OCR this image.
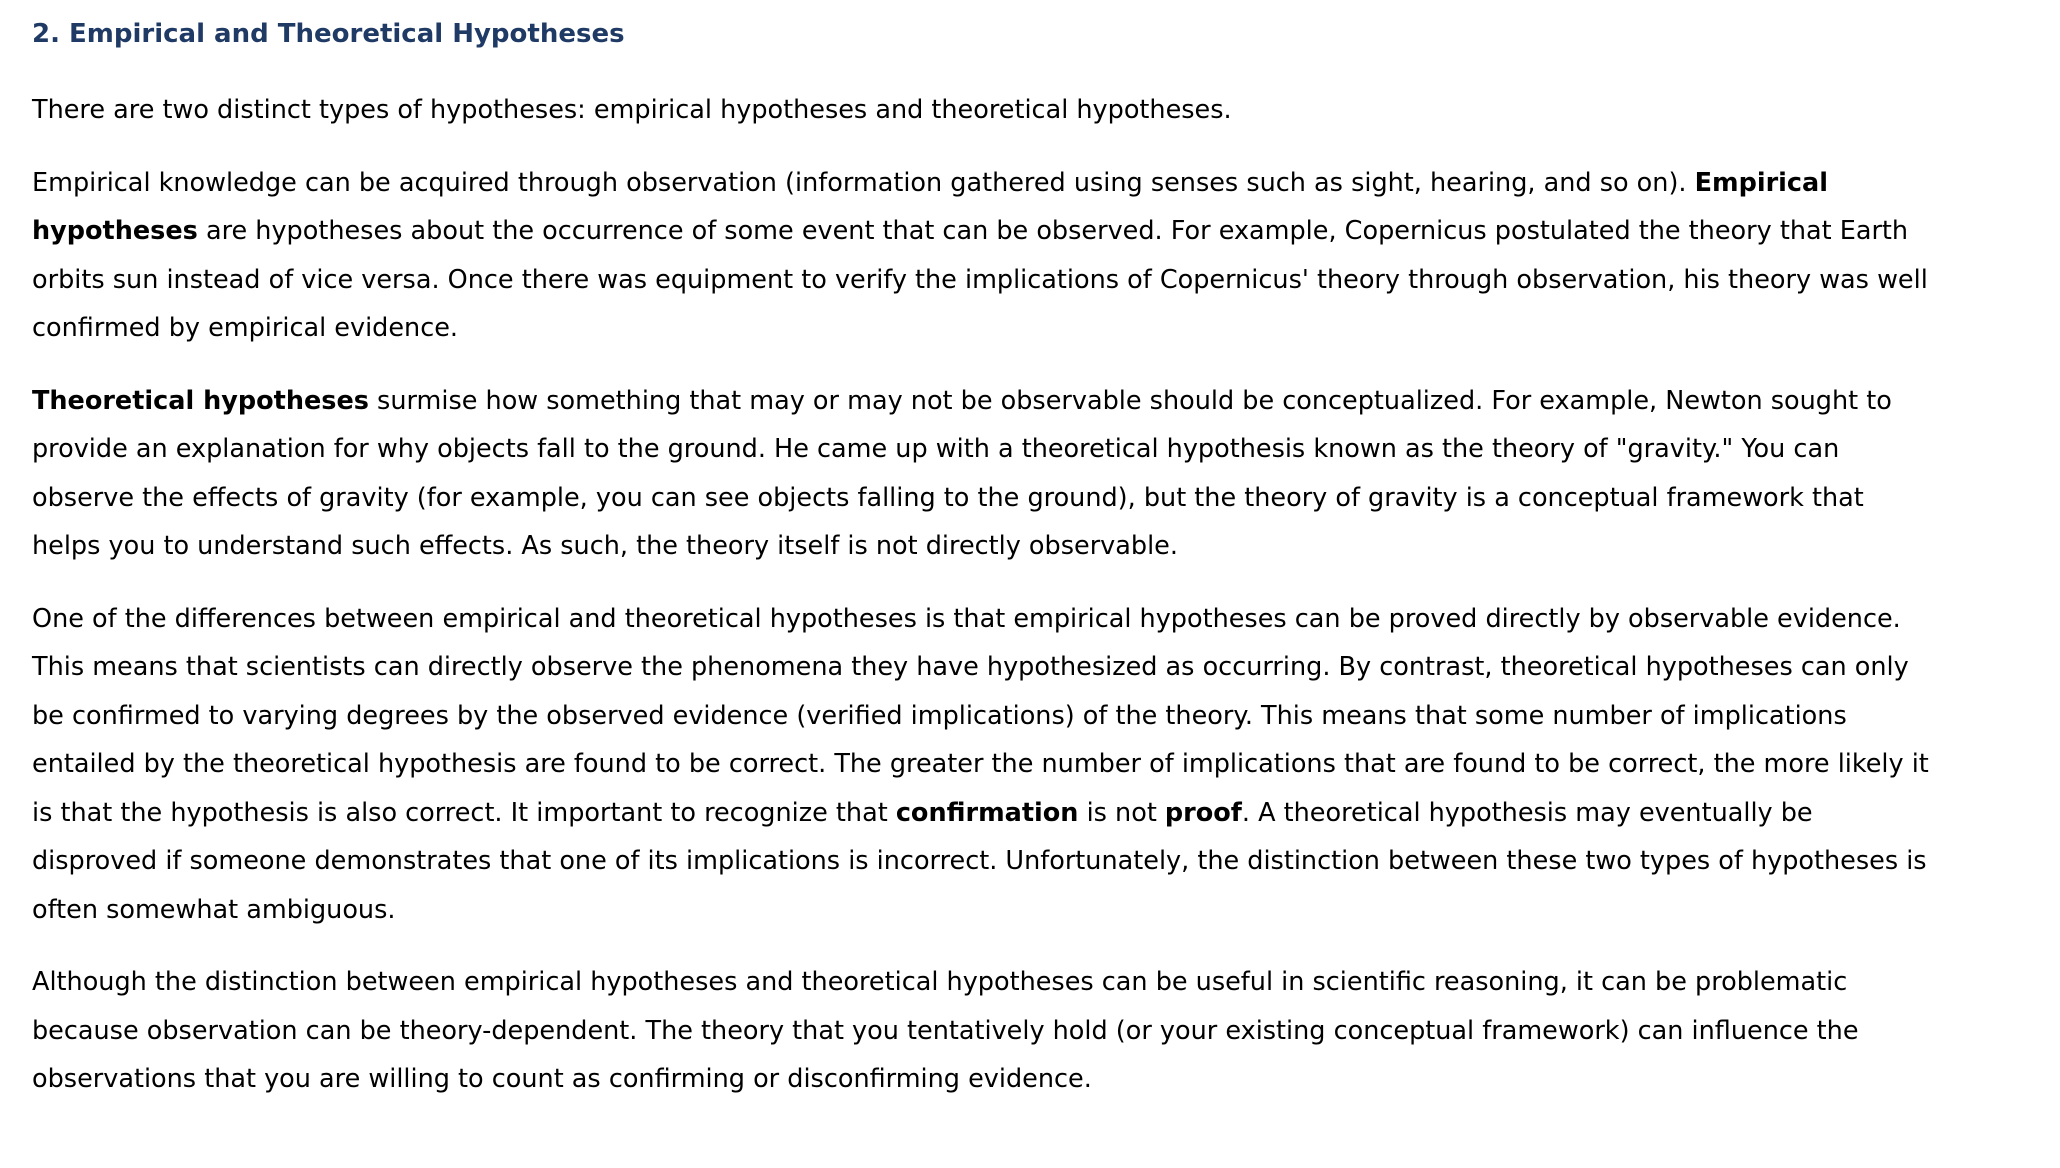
2. Empirical and Theoretical Hypotheses

There are two distinct types of hypotheses: empirical hypotheses and theoretical hypotheses.

Empirical knowledge can be acquired through observation (information gathered using senses such as sight, hearing, and so on). Empirical hypotheses are hypotheses about the occurrence of some event that can be observed. For example, Copernicus postulated the theory that Earth orbits sun instead of vice versa. Once there was equipment to verify the implications of Copernicus' theory through observation, his theory was well confirmed by empirical evidence.

Theoretical hypotheses surmise how something that may or may not be observable should be conceptualized. For example, Newton sought to provide an explanation for why objects fall to the ground. He came up with a theoretical hypothesis known as the theory of "gravity." You can observe the effects of gravity (for example, you can see objects falling to the ground), but the theory of gravity is a conceptual framework that helps you to understand such effects. As such, the theory itself is not directly observable.

One of the differences between empirical and theoretical hypotheses is that empirical hypotheses can be proved directly by observable evidence. This means that scientists can directly observe the phenomena they have hypothesized as occurring. By contrast, theoretical hypotheses can only be confirmed to varying degrees by the observed evidence (verified implications) of the theory. This means that some number of implications entailed by the theoretical hypothesis are found to be correct. The greater the number of implications that are found to be correct, the more likely it is that the hypothesis is also correct. It important to recognize that confirmation is not proof. A theoretical hypothesis may eventually be disproved if someone demonstrates that one of its implications is incorrect. Unfortunately, the distinction between these two types of hypotheses is often somewhat ambiguous.

Although the distinction between empirical hypotheses and theoretical hypotheses can be useful in scientific reasoning, it can be problematic because observation can be theory-dependent. The theory that you tentatively hold (or your existing conceptual framework) can influence the observations that you are willing to count as confirming or disconfirming evidence.
